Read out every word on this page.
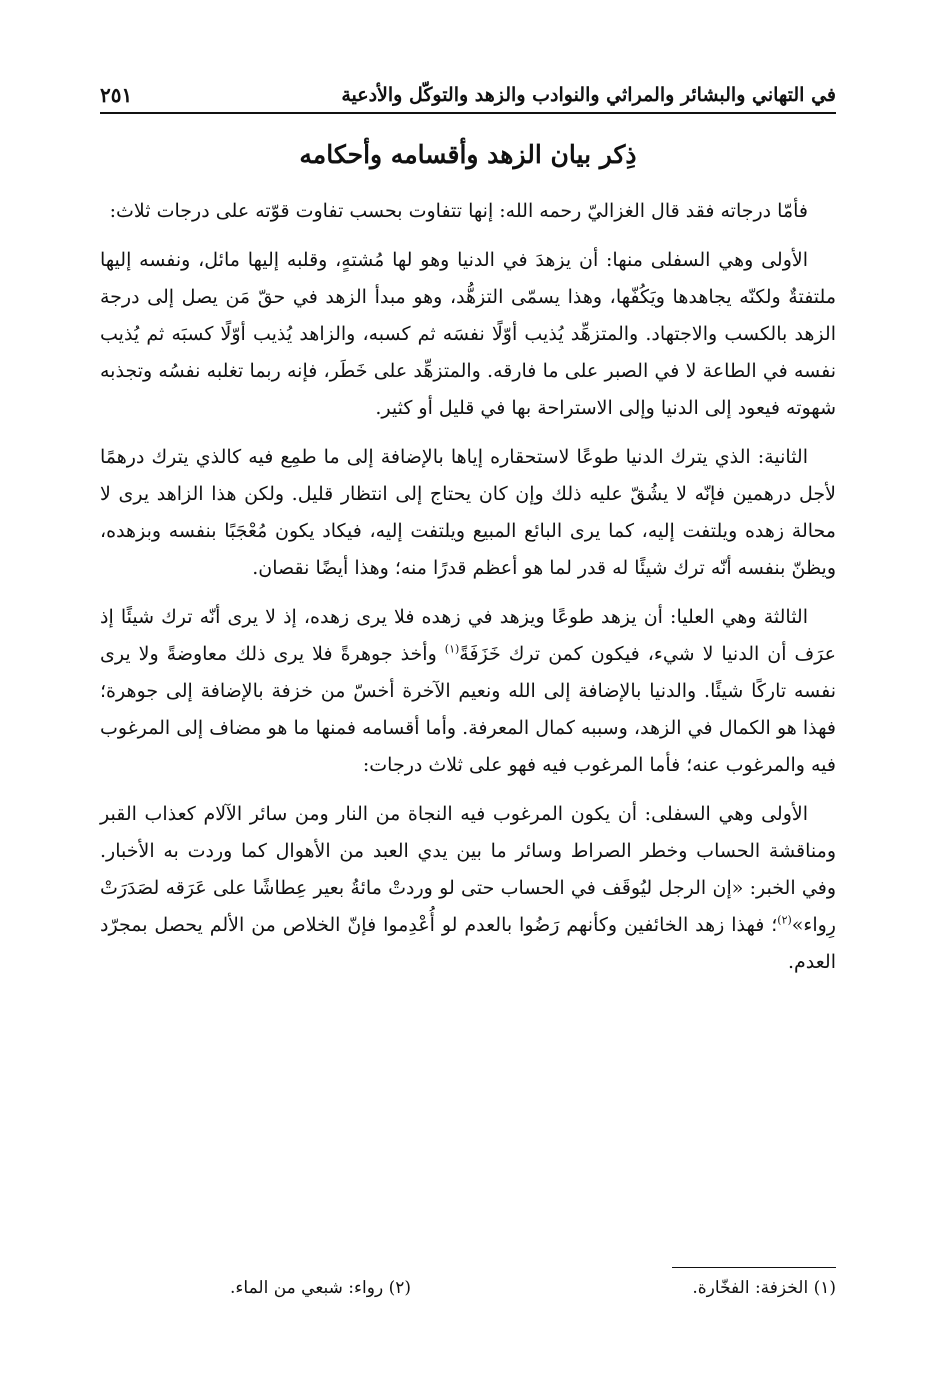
في التهاني والبشائر والمراثي والنوادب والزهد والتوكّل والأدعية
٢٥١
ذِكر بيان الزهد وأقسامه وأحكامه

فأمّا درجاته فقد قال الغزاليّ رحمه الله: إنها تتفاوت بحسب تفاوت قوّته على درجات ثلاث:

الأولى وهي السفلى منها: أن يزهدَ في الدنيا وهو لها مُشتهٍ، وقلبه إليها مائل، ونفسه إليها ملتفتةٌ ولكنّه يجاهدها ويَكُفّها، وهذا يسمّى التزهُّد، وهو مبدأ الزهد في حقّ مَن يصل إلى درجة الزهد بالكسب والاجتهاد. والمتزهِّد يُذيب أوّلًا نفسَه ثم كسبه، والزاهد يُذيب أوّلًا كسبَه ثم يُذيب نفسه في الطاعة لا في الصبر على ما فارقه. والمتزهِّد على خَطَر، فإنه ربما تغلبه نفسُه وتجذبه شهوته فيعود إلى الدنيا وإلى الاستراحة بها في قليل أو كثير.

الثانية: الذي يترك الدنيا طوعًا لاستحقاره إياها بالإضافة إلى ما طمِع فيه كالذي يترك درهمًا لأجل درهمين فإنّه لا يشُقّ عليه ذلك وإن كان يحتاج إلى انتظار قليل. ولكن هذا الزاهد يرى لا محالة زهده ويلتفت إليه، كما يرى البائع المبيع ويلتفت إليه، فيكاد يكون مُعْجَبًا بنفسه وبزهده، ويظنّ بنفسه أنّه ترك شيئًا له قدر لما هو أعظم قدرًا منه؛ وهذا أيضًا نقصان.

الثالثة وهي العليا: أن يزهد طوعًا ويزهد في زهده فلا يرى زهده، إذ لا يرى أنّه ترك شيئًا إذ عرَف أن الدنيا لا شيء، فيكون كمن ترك خَزَفَةً$^{(١)}$ وأخذ جوهرةً فلا يرى ذلك معاوضةً ولا يرى نفسه تاركًا شيئًا. والدنيا بالإضافة إلى الله ونعيم الآخرة أخسّ من خزفة بالإضافة إلى جوهرة؛ فهذا هو الكمال في الزهد، وسببه كمال المعرفة. وأما أقسامه فمنها ما هو مضاف إلى المرغوب فيه والمرغوب عنه؛ فأما المرغوب فيه فهو على ثلاث درجات:

الأولى وهي السفلى: أن يكون المرغوب فيه النجاة من النار ومن سائر الآلام كعذاب القبر ومناقشة الحساب وخطر الصراط وسائر ما بين يدي العبد من الأهوال كما وردت به الأخبار. وفي الخبر: «إن الرجل ليُوقَف في الحساب حتى لو وردتْ مائةُ بعير عِطاشًا على عَرَقه لصَدَرَتْ رِواء»$^{(٢)}$؛ فهذا زهد الخائفين وكأنهم رَضُوا بالعدم لو أُعْدِموا فإنّ الخلاص من الألم يحصل بمجرّد العدم.

(١) الخزفة: الفخّارة.
(٢) رواء: شبعي من الماء.
